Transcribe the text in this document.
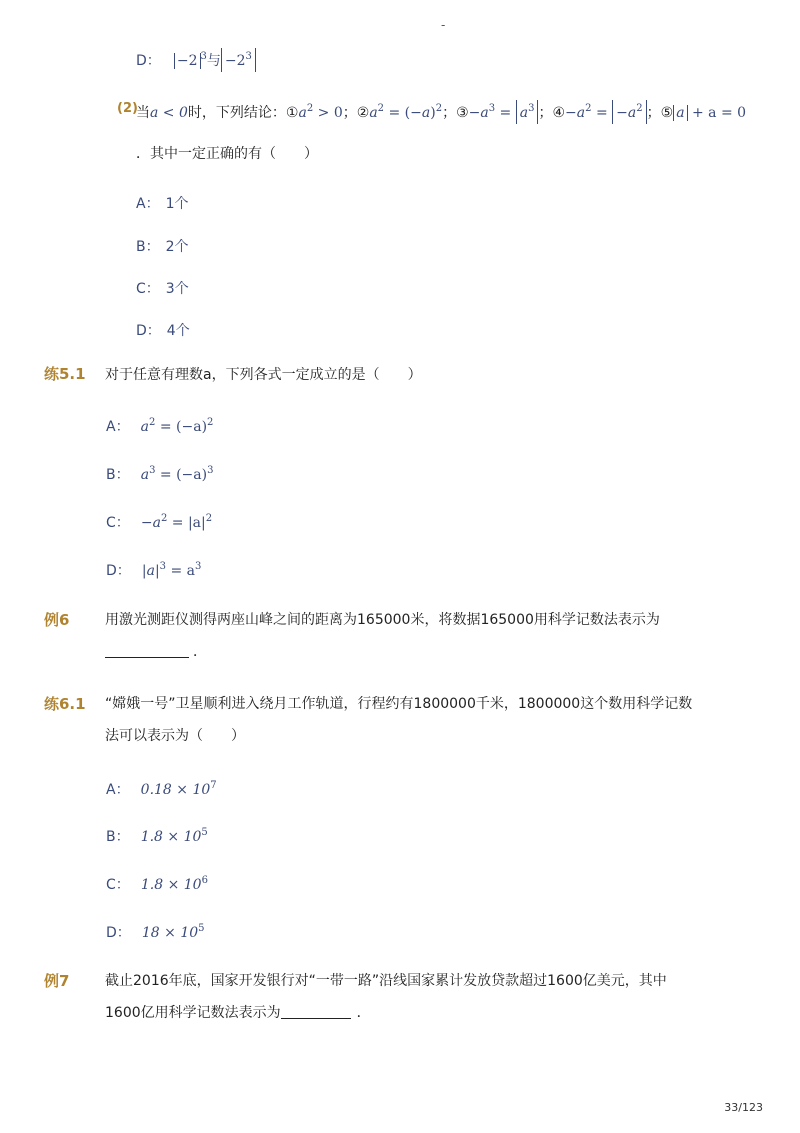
-
D： −2 $^3$与 $-2^3$
(2)
当a < 0时，下列结论：$①a^2 > 0$；$②a^2 = (-a)^2$；$③-a^3 = a^3$ ；$④-a^2 = -a^2$ ；⑤ a + a = 0
．其中一定正确的有（　　）
A： 1个
B： 2个
C： 3个
D： 4个
练5.1 对于任意有理数a，下列各式一定成立的是（　　）
A： $a^2 = (-a)^2$
B： $a^3 = (-a)^3$
C： $-a^2 = |a|^2$
D： $|a|^3 = a^3$
例6	用激光测距仪测得两座山峰之间的距离为165000米，将数据165000用科学记数法表示为
．
练6.1 “嫦娥一号”卫星顺利进入绕月工作轨道，行程约有1800000千米，1800000这个数用科学记数
法可以表示为（　　）
A： $0.18 \times 10^7$
B： $1.8 \times 10^5$
C： $1.8 \times 10^6$
D： $18 \times 10^5$
例7	截止2016年底，国家开发银行对“一带一路”沿线国家累计发放贷款超过1600亿美元，其中
1600亿用科学记数法表示为	．
33/123
